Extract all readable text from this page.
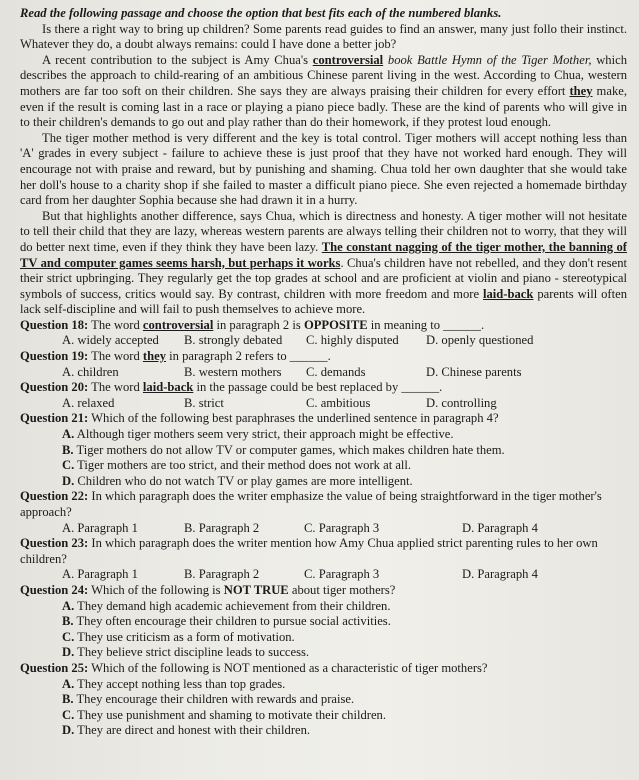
Read the following passage and choose the option that best fits each of the numbered blanks.

Is there a right way to bring up children? Some parents read guides to find an answer, many just follo their instinct. Whatever they do, a doubt always remains: could I have done a better job?

A recent contribution to the subject is Amy Chua's controversial book Battle Hymn of the Tiger Mother, which describes the approach to child-rearing of an ambitious Chinese parent living in the west. According to Chua, western mothers are far too soft on their children. She says they are always praising their children for every effort they make, even if the result is coming last in a race or playing a piano piece badly. These are the kind of parents who will give in to their children's demands to go out and play rather than do their homework, if they protest loud enough.

The tiger mother method is very different and the key is total control. Tiger mothers will accept nothing less than 'A' grades in every subject - failure to achieve these is just proof that they have not worked hard enough. They will encourage not with praise and reward, but by punishing and shaming. Chua told her own daughter that she would take her doll's house to a charity shop if she failed to master a difficult piano piece. She even rejected a homemade birthday card from her daughter Sophia because she had drawn it in a hurry.

But that highlights another difference, says Chua, which is directness and honesty. A tiger mother will not hesitate to tell their child that they are lazy, whereas western parents are always telling their children not to worry, that they will do better next time, even if they think they have been lazy. The constant nagging of the tiger mother, the banning of TV and computer games seems harsh, but perhaps it works. Chua's children have not rebelled, and they don't resent their strict upbringing. They regularly get the top grades at school and are proficient at violin and piano - stereotypical symbols of success, critics would say. By contrast, children with more freedom and more laid-back parents will often lack self-discipline and will fail to push themselves to achieve more.

Question 18: The word controversial in paragraph 2 is OPPOSITE in meaning to ______.
A. widely accepted	B. strongly debated	C. highly disputed	D. openly questioned
Question 19: The word they in paragraph 2 refers to ______.
A. children	B. western mothers	C. demands	D. Chinese parents
Question 20: The word laid-back in the passage could be best replaced by ______.
A. relaxed	B. strict	C. ambitious	D. controlling
Question 21: Which of the following best paraphrases the underlined sentence in paragraph 4?
A. Although tiger mothers seem very strict, their approach might be effective.
B. Tiger mothers do not allow TV or computer games, which makes children hate them.
C. Tiger mothers are too strict, and their method does not work at all.
D. Children who do not watch TV or play games are more intelligent.
Question 22: In which paragraph does the writer emphasize the value of being straightforward in the tiger mother's approach?
A. Paragraph 1	B. Paragraph 2	C. Paragraph 3	D. Paragraph 4
Question 23: In which paragraph does the writer mention how Amy Chua applied strict parenting rules to her own children?
A. Paragraph 1	B. Paragraph 2	C. Paragraph 3	D. Paragraph 4
Question 24: Which of the following is NOT TRUE about tiger mothers?
A. They demand high academic achievement from their children.
B. They often encourage their children to pursue social activities.
C. They use criticism as a form of motivation.
D. They believe strict discipline leads to success.
Question 25: Which of the following is NOT mentioned as a characteristic of tiger mothers?
A. They accept nothing less than top grades.
B. They encourage their children with rewards and praise.
C. They use punishment and shaming to motivate their children.
D. They are direct and honest with their children.
